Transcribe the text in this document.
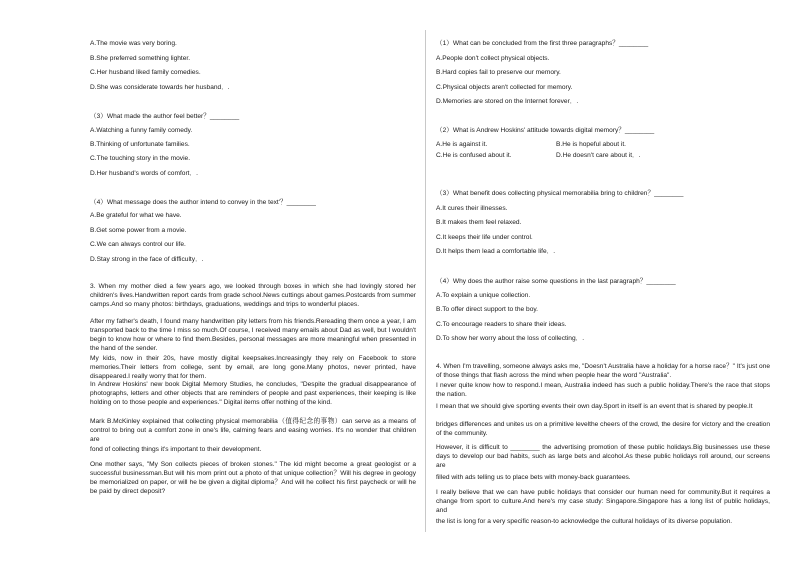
A.The movie was very boring.
B.She preferred something lighter.
C.Her husband liked family comedies.
D.She was considerate towards her husband．.
（3）What made the author feel better？________
A.Watching a funny family comedy.
B.Thinking of unfortunate families.
C.The touching story in the movie.
D.Her husband's words of comfort．.
（4）What message does the author intend to convey in the text'？________
A.Be grateful for what we have.
B.Get some power from a movie.
C.We can always control our life.
D.Stay strong in the face of difficulty．.
3. When my mother died a few years ago, we looked through boxes in which she had lovingly stored her children's lives.Handwritten report cards from grade school.News cuttings about games.Postcards from summer camps.And so many photos: birthdays, graduations, weddings and trips to wonderful places.
After my father's death, I found many handwritten pity letters from his friends.Rereading them once a year, I am transported back to the time I miss so much.Of course, I received many emails about Dad as well, but I wouldn't begin to know how or where to find them.Besides, personal messages are more meaningful when presented in the hand of the sender.
My kids, now in their 20s, have mostly digital keepsakes.Increasingly they rely on Facebook to store memories.Their letters from college, sent by email, are long gone.Many photos, never printed, have disappeared.I really worry that for them.
In Andrew Hoskins' new book Digital Memory Studies, he concludes, "Despite the gradual disappearance of photographs, letters and other objects that are reminders of people and past experiences, their keeping is like holding on to those people and experiences." Digital items offer nothing of the kind.
Mark B.McKinley explained that collecting physical memorabilia（值得纪念的事物）can serve as a means of control to bring out a comfort zone in one's life, calming fears and easing worries. It's no wonder that children are
fond of collecting things it's important to their development.
One mother says, "My Son collects pieces of broken stones." The kid might become a great geologist or a successful businessman.But will his mom print out a photo of that unique collection？Will his degree in geology be memorialized on paper, or will he be given a digital diploma？And will he collect his first paycheck or will he be paid by direct deposit?
（1）What can be concluded from the first three paragraphs？________
A.People don't collect physical objects.
B.Hard copies fail to preserve our memory.
C.Physical objects aren't collected for memory.
D.Memories are stored on the Internet forever．.
（2）What is Andrew Hoskins' attitude towards digital memory？________
A.He is against it.	B.He is hopeful about it.
C.He is confused about it.	D.He doesn't care about it．.
（3）What benefit does collecting physical memorabilia bring to children？________
A.It cures their illnesses.
B.It makes them feel relaxed.
C.It keeps their life under control.
D.It helps them lead a comfortable life．.
（4）Why does the author raise some questions in the last paragraph？________
A.To explain a unique collection.
B.To offer direct support to the boy.
C.To encourage readers to share their ideas.
D.To show her worry about the loss of collecting．.
4. When I'm travelling, someone always asks me, "Doesn't Australia have a holiday for a horse race？" It's just one of those things that flash across the mind when people hear the word "Australia".
I never quite know how to respond.I mean, Australia indeed has such a public holiday.There's the race that stops the nation.
I mean that we should give sporting events their own day.Sport in itself is an event that is shared by people.It
bridges differences and unites us on a primitive levelthe cheers of the crowd, the desire for victory and the creation of the community.
However, it is difficult to ________ the advertising promotion of these public holidays.Big businesses use these days to develop our bad habits, such as large bets and alcohol.As these public holidays roll around, our screens are
filled with ads telling us to place bets with money-back guarantees.
I really believe that we can have public holidays that consider our human need for community.But it requires a change from sport to culture.And here's my case study: Singapore.Singapore has a long list of public holidays, and
the list is long for a very specific reason-to acknowledge the cultural holidays of its diverse population.
